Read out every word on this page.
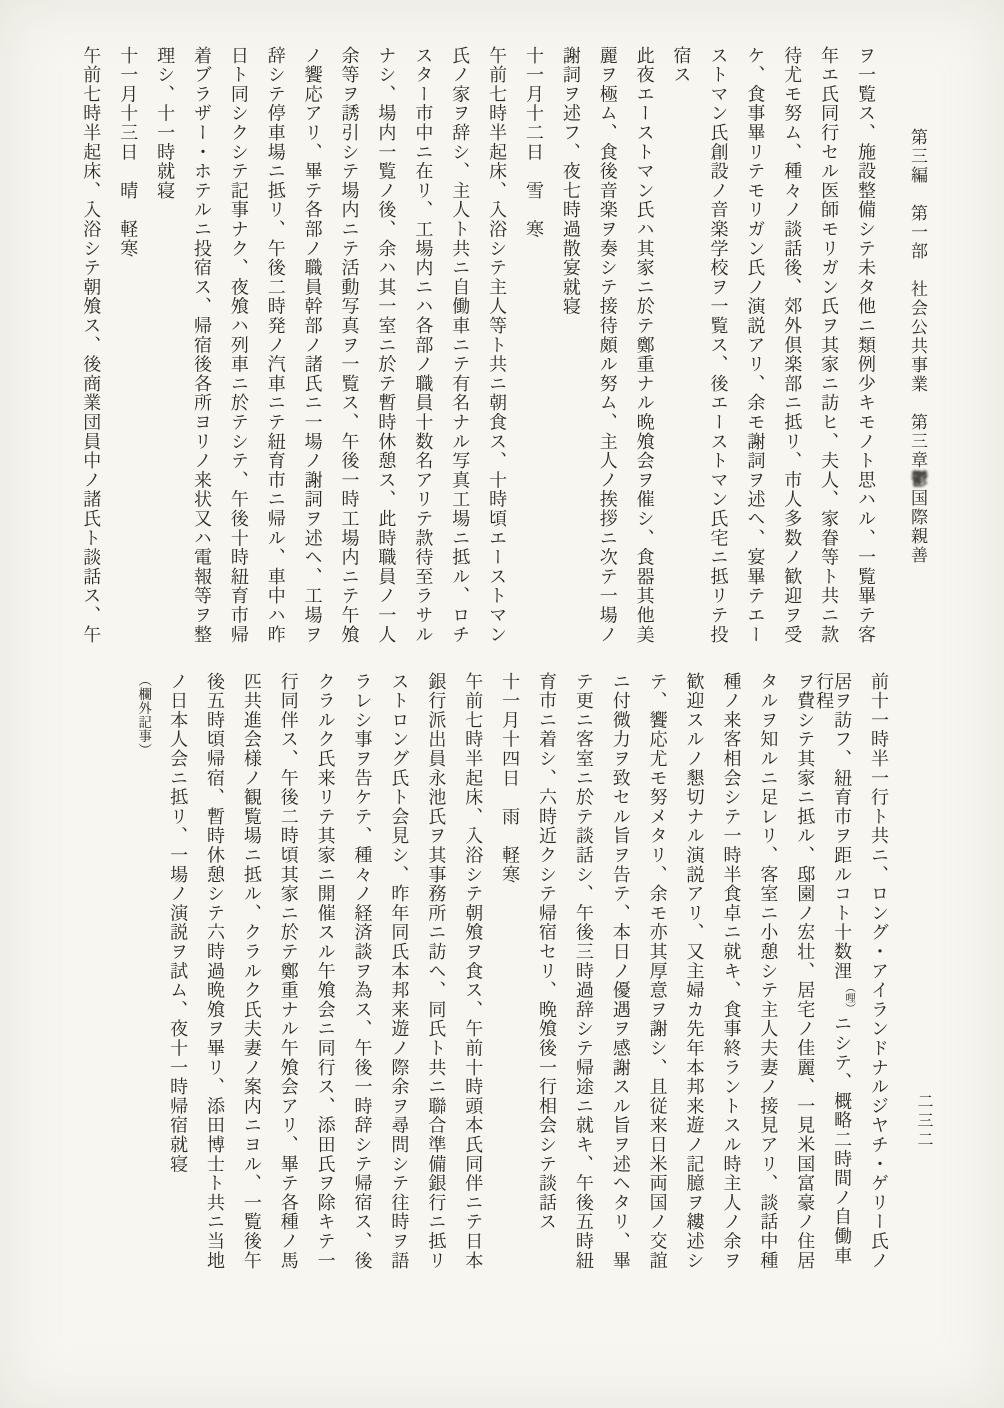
第三編　第一部　社会公共事業　第三章鬱国際親善
ヲ一覧ス、施設整備シテ未タ他ニ類例少キモノト思ハル、一覧畢テ客
年エ氏同行セル医師モリガン氏ヲ其家ニ訪ヒ、夫人、家眷等ト共ニ款
待尤モ努ム、種々ノ談話後、郊外倶楽部ニ抵リ、市人多数ノ歓迎ヲ受
ケ、食事畢リテモリガン氏ノ演説アリ、余モ謝詞ヲ述ヘ、宴畢テエー
ストマン氏創設ノ音楽学校ヲ一覧ス、後エーストマン氏宅ニ抵リテ投
宿ス
此夜エーストマン氏ハ其家ニ於テ鄭重ナル晩飧会ヲ催シ、食器其他美
麗ヲ極ム、食後音楽ヲ奏シテ接待頗ル努ム、主人ノ挨拶ニ次テ一場ノ
謝詞ヲ述フ、夜七時過散宴就寝
十一月十二日　雪　寒
午前七時半起床、入浴シテ主人等ト共ニ朝食ス、十時頃エーストマン
氏ノ家ヲ辞シ、主人ト共ニ自働車ニテ有名ナル写真工場ニ抵ル、ロチ
スター市中ニ在リ、工場内ニハ各部ノ職員十数名アリテ款待至ラサル
ナシ、場内一覧ノ後、余ハ其一室ニ於テ暫時休憩ス、此時職員ノ一人
余等ヲ誘引シテ場内ニテ活動写真ヲ一覧ス、午後一時工場内ニテ午飧
ノ饗応アリ、畢テ各部ノ職員幹部ノ諸氏ニ一場ノ謝詞ヲ述ヘ、工場ヲ
辞シテ停車場ニ抵リ、午後二時発ノ汽車ニテ紐育市ニ帰ル、車中ハ昨
日ト同シクシテ記事ナク、夜飧ハ列車ニ於テシテ、午後十時紐育市帰
着ブラザー・ホテルニ投宿ス、帰宿後各所ヨリノ来状又ハ電報等ヲ整
理シ、十一時就寝
十一月十三日　晴　軽寒
午前七時半起床、入浴シテ朝飧ス、後商業団員中ノ諸氏ト談話ス、午
二三二
前十一時半一行ト共ニ、ロング・アイランドナルジヤチ・ゲリー氏ノ
居ヲ訪フ、紐育市ヲ距ルコト十数浬（哩）ニシテ、概略二時間ノ自働車行程
ヲ費シテ其家ニ抵ル、邸園ノ宏壮、居宅ノ佳麗、一見米国富豪ノ住居
タルヲ知ルニ足レリ、客室ニ小憩シテ主人夫妻ノ接見アリ、談話中種
種ノ来客相会シテ一時半食卓ニ就キ、食事終ラントスル時主人ノ余ヲ
歓迎スルノ懇切ナル演説アリ、又主婦カ先年本邦来遊ノ記臆ヲ縷述シ
テ、饗応尤モ努メタリ、余モ亦其厚意ヲ謝シ、且従来日米両国ノ交誼
ニ付微力ヲ致セル旨ヲ告テ、本日ノ優遇ヲ感謝スル旨ヲ述ヘタリ、畢
テ更ニ客室ニ於テ談話シ、午後三時過辞シテ帰途ニ就キ、午後五時紐
育市ニ着シ、六時近クシテ帰宿セリ、晩飧後一行相会シテ談話ス
十一月十四日　雨　軽寒
午前七時半起床、入浴シテ朝飧ヲ食ス、午前十時頭本氏同伴ニテ日本
銀行派出員永池氏ヲ其事務所ニ訪ヘ、同氏ト共ニ聯合準備銀行ニ抵リ
ストロング氏ト会見シ、昨年同氏本邦来遊ノ際余ヲ尋問シテ往時ヲ語
ラレシ事ヲ告ケテ、種々ノ経済談ヲ為ス、午後一時辞シテ帰宿ス、後
クラルク氏来リテ其家ニ開催スル午飧会ニ同行ス、添田氏ヲ除キテ一
行同伴ス、午後二時頃其家ニ於テ鄭重ナル午飧会アリ、畢テ各種ノ馬
匹共進会様ノ観覧場ニ抵ル、クラルク氏夫妻ノ案内ニヨル、一覧後午
後五時頃帰宿、暫時休憩シテ六時過晩飧ヲ畢リ、添田博士ト共ニ当地
ノ日本人会ニ抵リ、一場ノ演説ヲ試ム、夜十一時帰宿就寝
（欄外記事）
